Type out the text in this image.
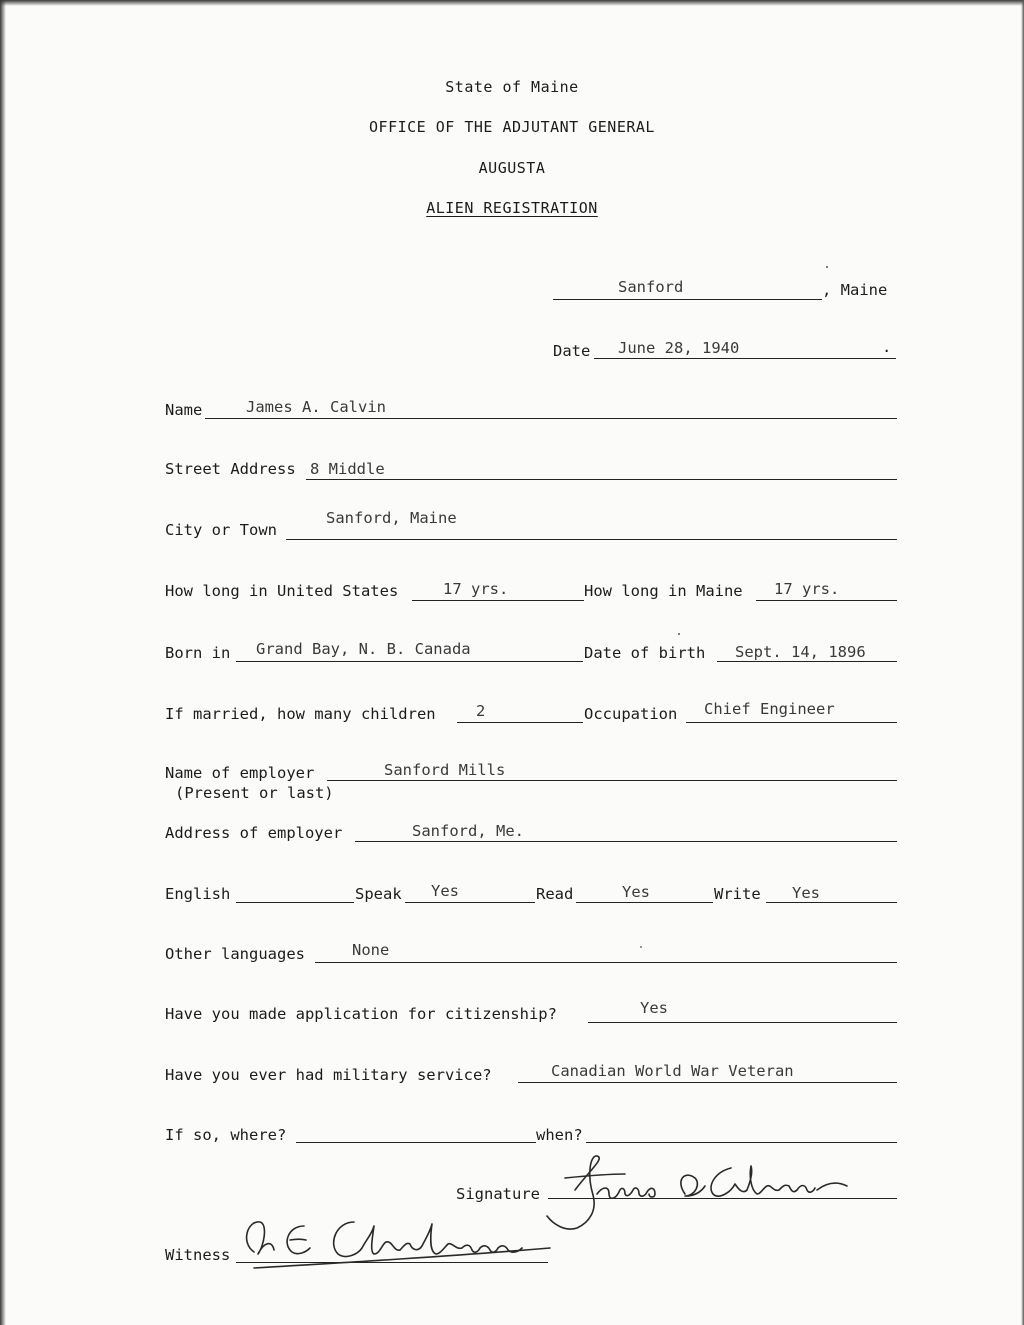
State of Maine
OFFICE OF THE ADJUTANT GENERAL
AUGUSTA
ALIEN REGISTRATION
Sanford	, Maine
Date June 28, 1940	.
Name	James A. Calvin
Street Address 8 Middle
City or Town
Sanford, Maine
How long in United States	17 yrs.	How long in Maine 17 yrs.
Born in Grand Bay, N. B. Canada	Date of birth Sept. 14, 1896
If married, how many children	2	Occupation Chief Engineer
Name of employer
(Present or last)
Sanford Mills
Address of employer	Sanford, Me.
English	Speak Yes	Read	Yes	Write Yes
Other languages	None
Have you made application for citizenship?	Yes
Have you ever had military service?	Canadian World War Veteran
If so, where?	when?
Signature
Witness
